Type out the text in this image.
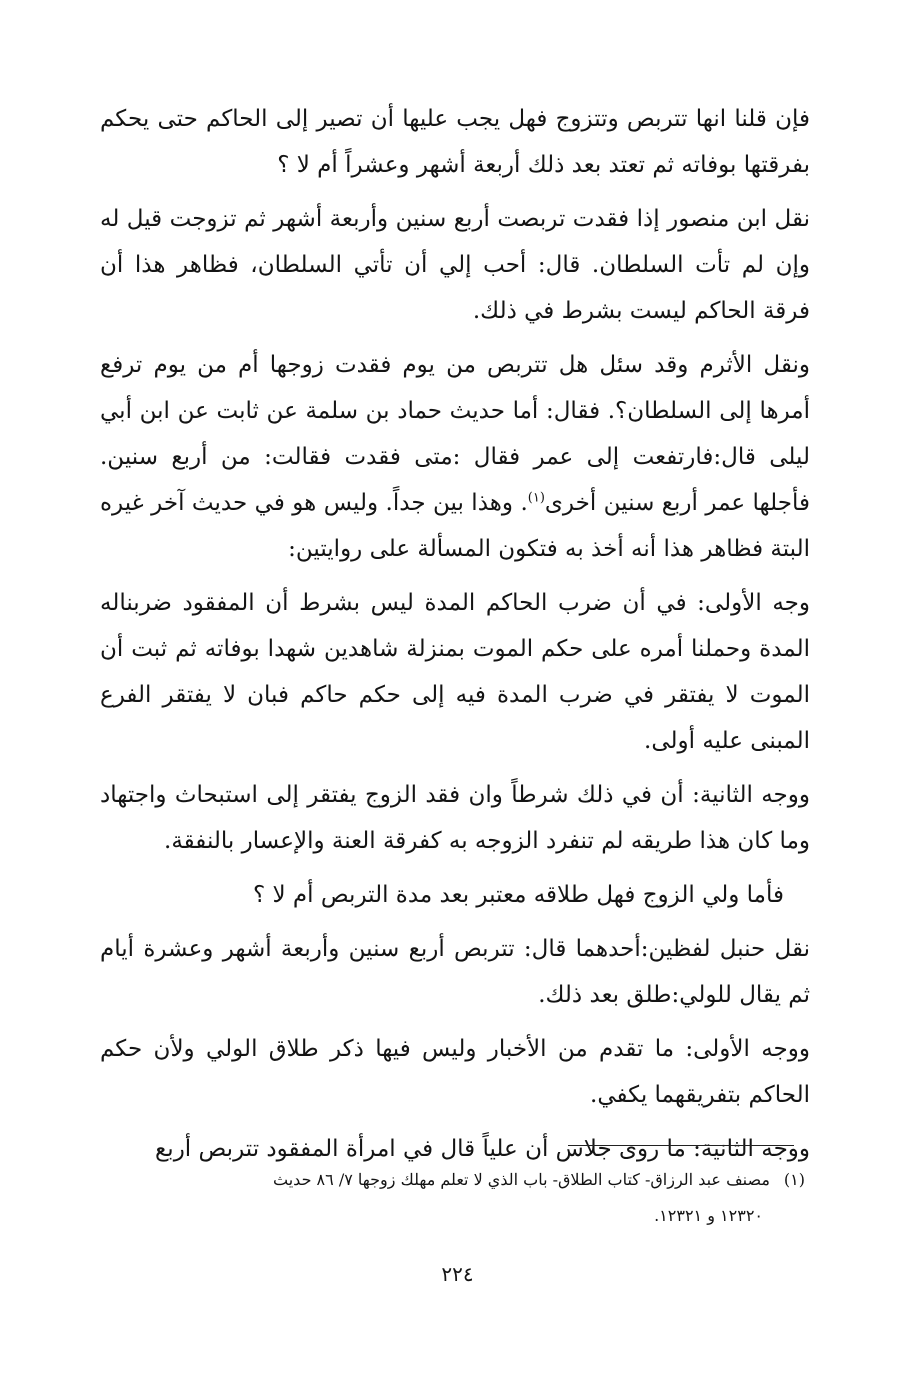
فإن قلنا انها تتربص وتتزوج فهل يجب عليها أن تصير إلى الحاكم حتى يحكم بفرقتها بوفاته ثم تعتد بعد ذلك أربعة أشهر وعشراً أم لا ؟

نقل ابن منصور إذا فقدت تربصت أربع سنين وأربعة أشهر ثم تزوجت قيل له وإن لم تأت السلطان. قال: أحب إلي أن تأتي السلطان، فظاهر هذا أن فرقة الحاكم ليست بشرط في ذلك.

ونقل الأثرم وقد سئل هل تتربص من يوم فقدت زوجها أم من يوم ترفع أمرها إلى السلطان؟. فقال: أما حديث حماد بن سلمة عن ثابت عن ابن أبي ليلى قال:فارتفعت إلى عمر فقال :متى فقدت فقالت: من أربع سنين. فأجلها عمر أربع سنين أخرى$^{(١)}$. وهذا بين جداً. وليس هو في حديث آخر غيره البتة فظاهر هذا أنه أخذ به فتكون المسألة على روايتين:

وجه الأولى: في أن ضرب الحاكم المدة ليس بشرط أن المفقود ضربناله المدة وحملنا أمره على حكم الموت بمنزلة شاهدين شهدا بوفاته ثم ثبت أن الموت لا يفتقر في ضرب المدة فيه إلى حكم حاكم فبان لا يفتقر الفرع المبنى عليه أولى.

ووجه الثانية: أن في ذلك شرطاً وان فقد الزوج يفتقر إلى استبحاث واجتهاد وما كان هذا طريقه لم تنفرد الزوجه به كفرقة العنة والإعسار بالنفقة.

فأما ولي الزوج فهل طلاقه معتبر بعد مدة التربص أم لا ؟

نقل حنبل لفظين:أحدهما قال: تتربص أربع سنين وأربعة أشهر وعشرة أيام ثم يقال للولي:طلق بعد ذلك.

ووجه الأولى: ما تقدم من الأخبار وليس فيها ذكر طلاق الولي ولأن حكم الحاكم بتفريقهما يكفي.

ووجه الثانية: ما روى جلاس أن علياً قال في امرأة المفقود تتربص أربع

(١)مصنف عبد الرزاق- كتاب الطلاق- باب الذي لا تعلم مهلك زوجها ٧/ ٨٦ حديث
١٢٣٢٠ و ١٢٣٢١.
٢٢٤
